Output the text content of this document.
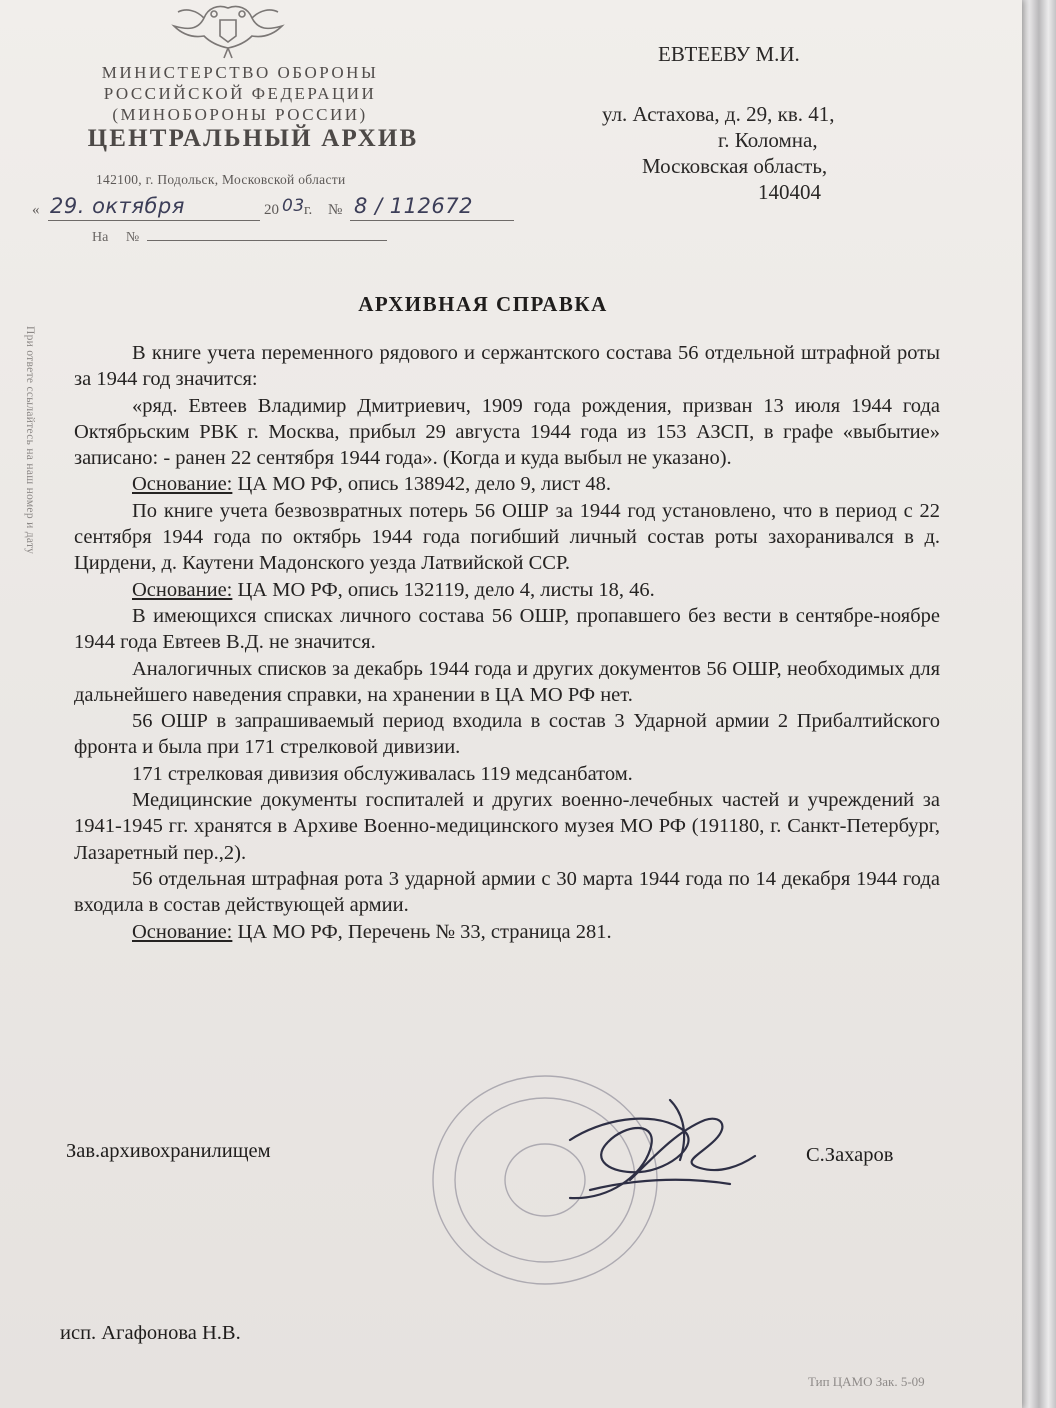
МИНИСТЕРСТВО ОБОРОНЫ
РОССИЙСКОЙ ФЕДЕРАЦИИ
(МИНОБОРОНЫ РОССИИ)
ЦЕНТРАЛЬНЫЙ АРХИВ
142100, г. Подольск, Московской области
« 29. октября	20 03 г. № 8 / 112672
На №
ЕВТЕЕВУ М.И.
ул. Астахова, д. 29, кв. 41,
г. Коломна,
Московская область,
140404
При ответе ссылайтесь на наш номер и дату
АРХИВНАЯ СПРАВКА

В книге учета переменного рядового и сержантского состава 56 отдельной штрафной роты за 1944 год значится:

«ряд. Евтеев Владимир Дмитриевич, 1909 года рождения, призван 13 июля 1944 года Октябрьским РВК г. Москва, прибыл 29 августа 1944 года из 153 АЗСП, в графе «выбытие» записано: - ранен 22 сентября 1944 года». (Когда и куда выбыл не указано).

Основание: ЦА МО РФ, опись 138942, дело 9, лист 48.

По книге учета безвозвратных потерь 56 ОШР за 1944 год установлено, что в период с 22 сентября 1944 года по октябрь 1944 года погибший личный состав роты захоранивался в д. Цирдени, д. Каутени Мадонского уезда Латвийской ССР.

Основание: ЦА МО РФ, опись 132119, дело 4, листы 18, 46.

В имеющихся списках личного состава 56 ОШР, пропавшего без вести в сентябре-ноябре 1944 года Евтеев В.Д. не значится.

Аналогичных списков за декабрь 1944 года и других документов 56 ОШР, необходимых для дальнейшего наведения справки, на хранении в ЦА МО РФ нет.

56 ОШР в запрашиваемый период входила в состав 3 Ударной армии 2 Прибалтийского фронта и была при 171 стрелковой дивизии.

171 стрелковая дивизия обслуживалась 119 медсанбатом.

Медицинские документы госпиталей и других военно-лечебных частей и учреждений за 1941-1945 гг. хранятся в Архиве Военно-медицинского музея МО РФ (191180, г. Санкт-Петербург, Лазаретный пер.,2).

56 отдельная штрафная рота 3 ударной армии с 30 марта 1944 года по 14 декабря 1944 года входила в состав действующей армии.

Основание: ЦА МО РФ, Перечень № 33, страница 281.

Зав.архивохранилищем	С.Захаров
исп. Агафонова Н.В.
Тип ЦАМО Зак. 5-09
